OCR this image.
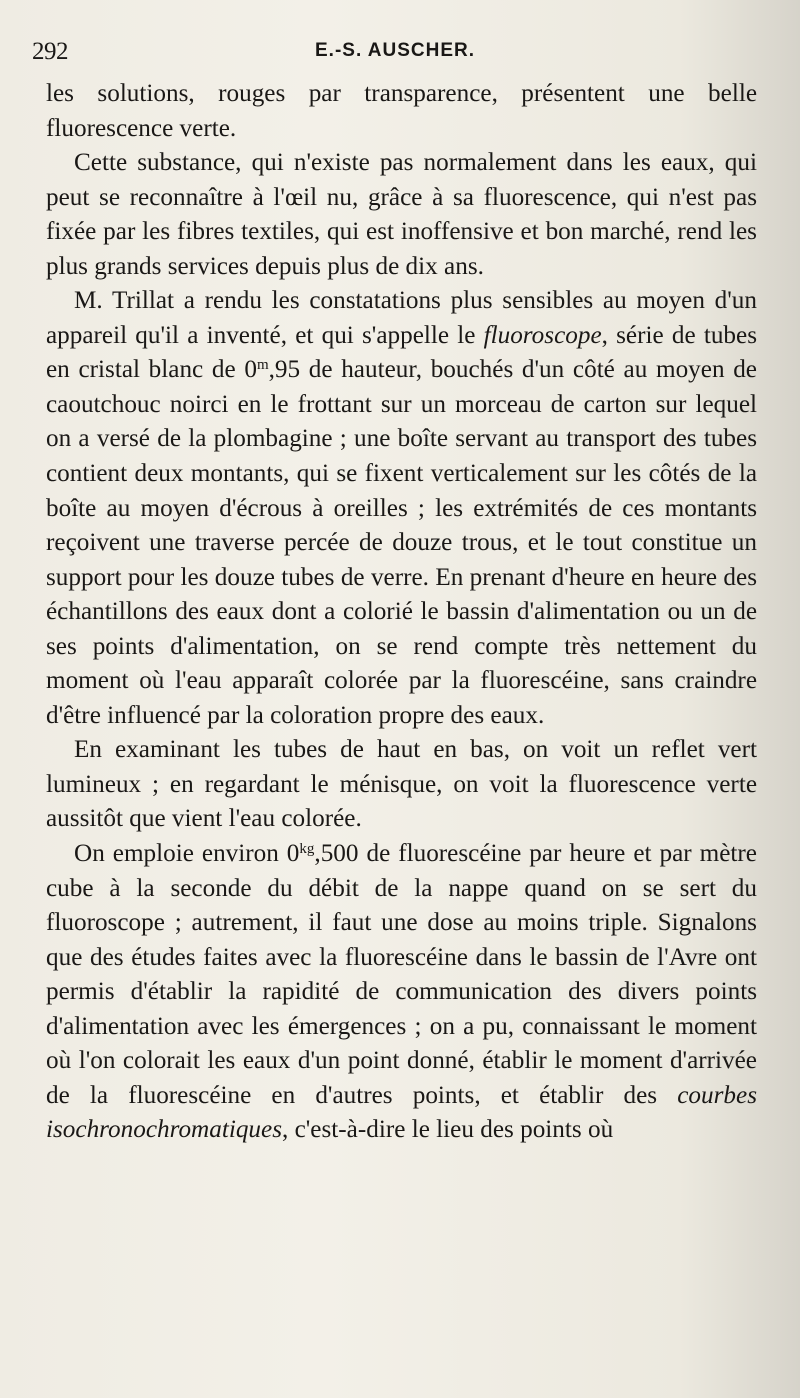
292	E.-S. AUSCHER.

les solutions, rouges par transparence, présentent une belle fluorescence verte.

Cette substance, qui n'existe pas normalement dans les eaux, qui peut se reconnaître à l'œil nu, grâce à sa fluorescence, qui n'est pas fixée par les fibres textiles, qui est inoffensive et bon marché, rend les plus grands services depuis plus de dix ans.

M. Trillat a rendu les constatations plus sensibles au moyen d'un appareil qu'il a inventé, et qui s'appelle le fluoroscope, série de tubes en cristal blanc de 0$^m$,95 de hauteur, bouchés d'un côté au moyen de caoutchouc noirci en le frottant sur un morceau de carton sur lequel on a versé de la plombagine ; une boîte servant au transport des tubes contient deux montants, qui se fixent verticalement sur les côtés de la boîte au moyen d'écrous à oreilles ; les extrémités de ces montants reçoivent une traverse percée de douze trous, et le tout constitue un support pour les douze tubes de verre. En prenant d'heure en heure des échantillons des eaux dont a colorié le bassin d'alimentation ou un de ses points d'alimentation, on se rend compte très nettement du moment où l'eau apparaît colorée par la fluorescéine, sans craindre d'être influencé par la coloration propre des eaux.

En examinant les tubes de haut en bas, on voit un reflet vert lumineux ; en regardant le ménisque, on voit la fluorescence verte aussitôt que vient l'eau colorée.

On emploie environ $0^{kg},500$ de fluorescéine par heure et par mètre cube à la seconde du débit de la nappe quand on se sert du fluoroscope ; autrement, il faut une dose au moins triple. Signalons que des études faites avec la fluorescéine dans le bassin de l'Avre ont permis d'établir la rapidité de communication des divers points d'alimentation avec les émergences ; on a pu, connaissant le moment où l'on colorait les eaux d'un point donné, établir le moment d'arrivée de la fluorescéine en d'autres points, et établir des courbes isochronochromatiques, c'est-à-dire le lieu des points où
